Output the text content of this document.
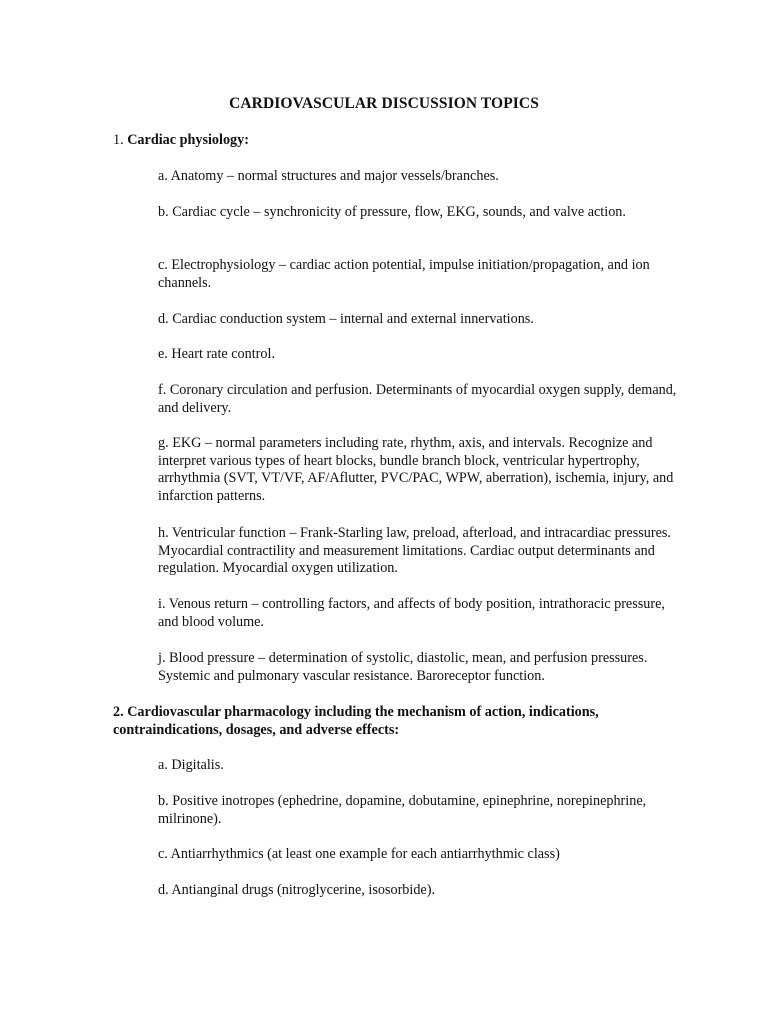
CARDIOVASCULAR DISCUSSION TOPICS
1. Cardiac physiology:

a. Anatomy – normal structures and major vessels/branches.

b. Cardiac cycle – synchronicity of pressure, flow, EKG, sounds, and valve action.

c. Electrophysiology – cardiac action potential, impulse initiation/propagation, and ion channels.

d. Cardiac conduction system – internal and external innervations.

e. Heart rate control.

f. Coronary circulation and perfusion. Determinants of myocardial oxygen supply, demand, and delivery.

g. EKG – normal parameters including rate, rhythm, axis, and intervals. Recognize and interpret various types of heart blocks, bundle branch block, ventricular hypertrophy, arrhythmia (SVT, VT/VF, AF/Aflutter, PVC/PAC, WPW, aberration), ischemia, injury, and infarction patterns.

h. Ventricular function – Frank-Starling law, preload, afterload, and intracardiac pressures. Myocardial contractility and measurement limitations. Cardiac output determinants and regulation. Myocardial oxygen utilization.

i. Venous return – controlling factors, and affects of body position, intrathoracic pressure, and blood volume.

j. Blood pressure – determination of systolic, diastolic, mean, and perfusion pressures. Systemic and pulmonary vascular resistance. Baroreceptor function.

2. Cardiovascular pharmacology including the mechanism of action, indications, contraindications, dosages, and adverse effects:

a. Digitalis.

b. Positive inotropes (ephedrine, dopamine, dobutamine, epinephrine, norepinephrine, milrinone).

c. Antiarrhythmics (at least one example for each antiarrhythmic class)

d. Antianginal drugs (nitroglycerine, isosorbide).
